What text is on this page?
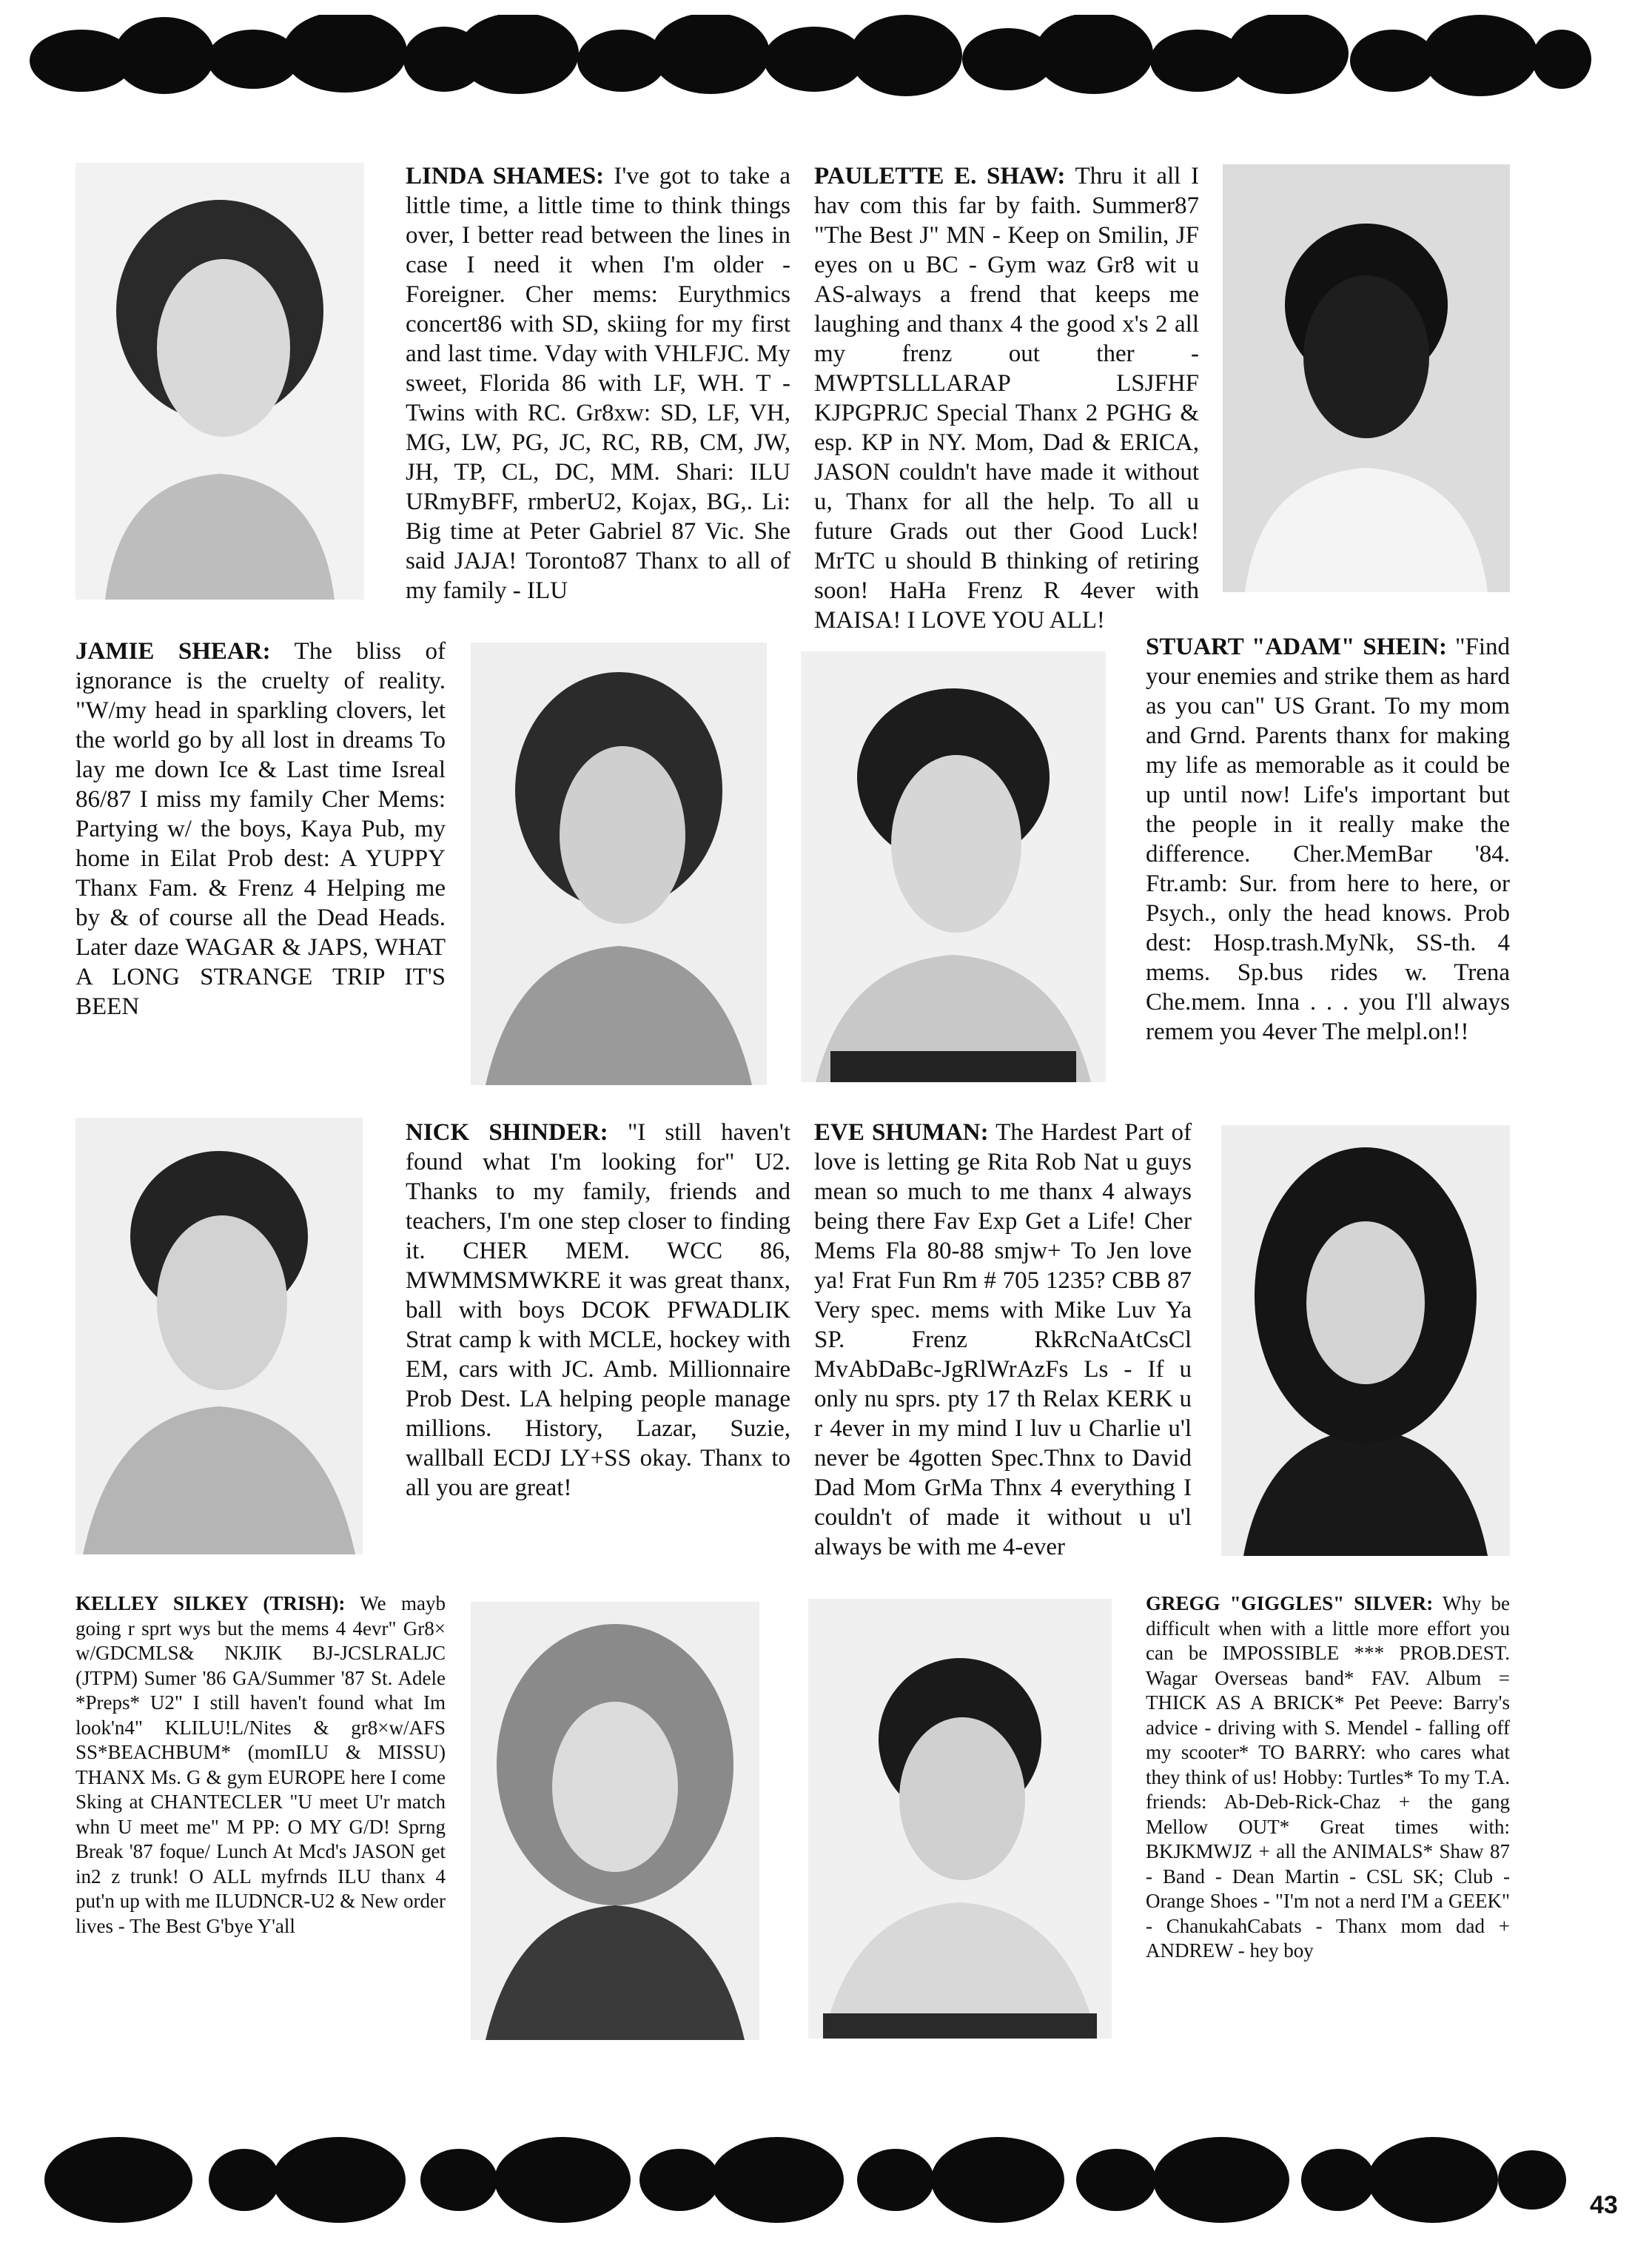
LINDA SHAMES: I've got to take a little time, a little time to think things over, I better read between the lines in case I need it when I'm older - Foreigner. Cher mems: Eurythmics concert86 with SD, skiing for my first and last time. Vday with VHLFJC. My sweet, Florida 86 with LF, WH. T - Twins with RC. Gr8xw: SD, LF, VH, MG, LW, PG, JC, RC, RB, CM, JW, JH, TP, CL, DC, MM. Shari: ILU URmyBFF, rmberU2, Kojax, BG,. Li: Big time at Peter Gabriel 87 Vic. She said JAJA! Toronto87 Thanx to all of my family - ILU

PAULETTE E. SHAW: Thru it all I hav com this far by faith. Summer87 "The Best J" MN - Keep on Smilin, JF eyes on u BC - Gym waz Gr8 wit u AS-always a frend that keeps me laughing and thanx 4 the good x's 2 all my frenz out ther - MWPTSLLLARAP LSJFHF KJPGPRJC Special Thanx 2 PGHG & esp. KP in NY. Mom, Dad & ERICA, JASON couldn't have made it without u, Thanx for all the help. To all u future Grads out ther Good Luck! MrTC u should B thinking of retiring soon! HaHa Frenz R 4ever with MAISA! I LOVE YOU ALL!

JAMIE SHEAR: The bliss of ignorance is the cruelty of reality. "W/my head in sparkling clovers, let the world go by all lost in dreams To lay me down Ice & Last time Isreal 86/87 I miss my family Cher Mems: Partying w/ the boys, Kaya Pub, my home in Eilat Prob dest: A YUPPY Thanx Fam. & Frenz 4 Helping me by & of course all the Dead Heads. Later daze WAGAR & JAPS, WHAT A LONG STRANGE TRIP IT'S BEEN

STUART "ADAM" SHEIN: "Find your enemies and strike them as hard as you can" US Grant. To my mom and Grnd. Parents thanx for making my life as memorable as it could be up until now! Life's important but the people in it really make the difference. Cher.MemBar '84. Ftr.amb: Sur. from here to here, or Psych., only the head knows. Prob dest: Hosp.trash.MyNk, SS-th. 4 mems. Sp.bus rides w. Trena Che.mem. Inna . . . you I'll always remem you 4ever The melpl.on!!

NICK SHINDER: "I still haven't found what I'm looking for" U2. Thanks to my family, friends and teachers, I'm one step closer to finding it. CHER MEM. WCC 86, MWMMSMWKRE it was great thanx, ball with boys DCOK PFWADLIK Strat camp k with MCLE, hockey with EM, cars with JC. Amb. Millionnaire Prob Dest. LA helping people manage millions. History, Lazar, Suzie, wallball ECDJ LY+SS okay. Thanx to all you are great!

EVE SHUMAN: The Hardest Part of love is letting ge Rita Rob Nat u guys mean so much to me thanx 4 always being there Fav Exp Get a Life! Cher Mems Fla 80-88 smjw+ To Jen love ya! Frat Fun Rm # 705 1235? CBB 87 Very spec. mems with Mike Luv Ya SP. Frenz RkRcNaAtCsCl MvAbDaBc-JgRlWrAzFs Ls - If u only nu sprs. pty 17 th Relax KERK u r 4ever in my mind I luv u Charlie u'l never be 4gotten Spec.Thnx to David Dad Mom GrMa Thnx 4 everything I couldn't of made it without u u'l always be with me 4-ever

KELLEY SILKEY (TRISH): We mayb going r sprt wys but the mems 4 4evr" Gr8× w/GDCMLS& NKJIK BJ-JCSLRALJC (JTPM) Sumer '86 GA/Summer '87 St. Adele *Preps* U2" I still haven't found what Im look'n4" KLILU!L/Nites & gr8×w/AFS SS*BEACHBUM* (momILU & MISSU) THANX Ms. G & gym EUROPE here I come Sking at CHANTECLER "U meet U'r match whn U meet me" M PP: O MY G/D! Sprng Break '87 foque/ Lunch At Mcd's JASON get in2 z trunk! O ALL myfrnds ILU thanx 4 put'n up with me ILUDNCR-U2 & New order lives - The Best G'bye Y'all

GREGG "GIGGLES" SILVER: Why be difficult when with a little more effort you can be IMPOSSIBLE *** PROB.DEST. Wagar Overseas band* FAV. Album = THICK AS A BRICK* Pet Peeve: Barry's advice - driving with S. Mendel - falling off my scooter* TO BARRY: who cares what they think of us! Hobby: Turtles* To my T.A. friends: Ab-Deb-Rick-Chaz + the gang Mellow OUT* Great times with: BKJKMWJZ + all the ANIMALS* Shaw 87 - Band - Dean Martin - CSL SK; Club - Orange Shoes - "I'm not a nerd I'M a GEEK" - ChanukahCabats - Thanx mom dad + ANDREW - hey boy

43
